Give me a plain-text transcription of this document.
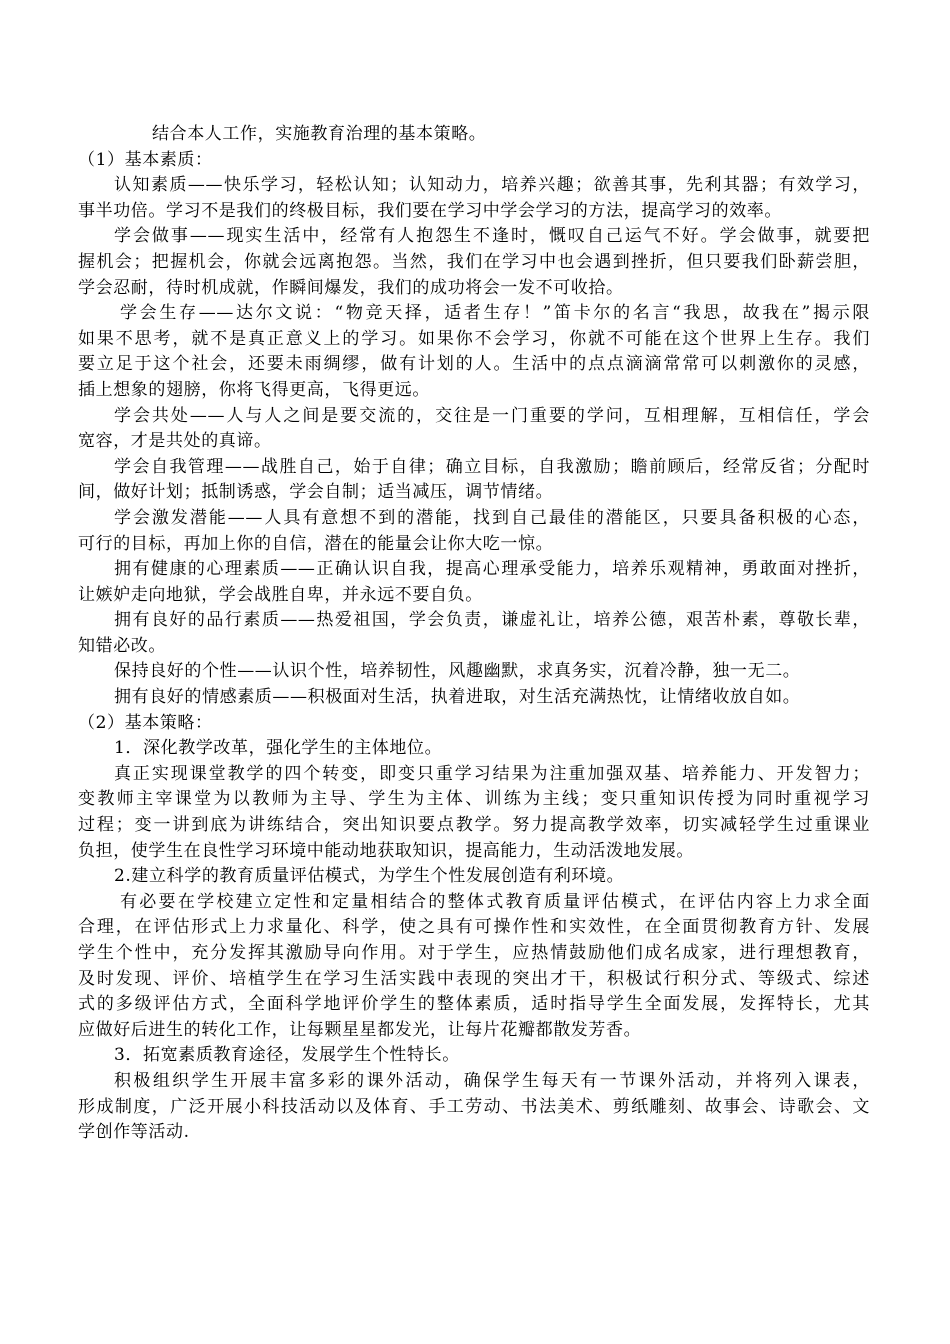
结合本人工作，实施教育治理的基本策略。
（1）基本素质：
认知素质——快乐学习，轻松认知；认知动力，培养兴趣；欲善其事，先利其器；有效学习，
事半功倍。学习不是我们的终极目标，我们要在学习中学会学习的方法，提高学习的效率。
学会做事——现实生活中，经常有人抱怨生不逢时，慨叹自己运气不好。学会做事，就要把
握机会；把握机会，你就会远离抱怨。当然，我们在学习中也会遇到挫折，但只要我们卧薪尝胆，
学会忍耐，待时机成就，作瞬间爆发，我们的成功将会一发不可收拾。
学会生存——达尔文说：“物竞天择，适者生存！”笛卡尔的名言“我思，故我在”揭示限
如果不思考，就不是真正意义上的学习。如果你不会学习，你就不可能在这个世界上生存。我们
要立足于这个社会，还要未雨绸缪，做有计划的人。生活中的点点滴滴常常可以刺激你的灵感，
插上想象的翅膀，你将飞得更高，飞得更远。
学会共处——人与人之间是要交流的，交往是一门重要的学问，互相理解，互相信任，学会
宽容，才是共处的真谛。
学会自我管理——战胜自己，始于自律；确立目标，自我激励；瞻前顾后，经常反省；分配时
间，做好计划；抵制诱惑，学会自制；适当减压，调节情绪。
学会激发潜能——人具有意想不到的潜能，找到自己最佳的潜能区，只要具备积极的心态，
可行的目标，再加上你的自信，潜在的能量会让你大吃一惊。
拥有健康的心理素质——正确认识自我，提高心理承受能力，培养乐观精神，勇敢面对挫折，
让嫉妒走向地狱，学会战胜自卑，并永远不要自负。
拥有良好的品行素质——热爱祖国，学会负责，谦虚礼让，培养公德，艰苦朴素，尊敬长辈，
知错必改。
保持良好的个性——认识个性，培养韧性，风趣幽默，求真务实，沉着冷静，独一无二。
拥有良好的情感素质——积极面对生活，执着进取，对生活充满热忱，让情绪收放自如。
（2）基本策略：
1．深化教学改革，强化学生的主体地位。
真正实现课堂教学的四个转变，即变只重学习结果为注重加强双基、培养能力、开发智力；
变教师主宰课堂为以教师为主导、学生为主体、训练为主线；变只重知识传授为同时重视学习
过程；变一讲到底为讲练结合，突出知识要点教学。努力提高教学效率，切实减轻学生过重课业
负担，使学生在良性学习环境中能动地获取知识，提高能力，生动活泼地发展。
2.建立科学的教育质量评估模式，为学生个性发展创造有利环境。
有必要在学校建立定性和定量相结合的整体式教育质量评估模式，在评估内容上力求全面
合理，在评估形式上力求量化、科学，使之具有可操作性和实效性，在全面贯彻教育方针、发展
学生个性中，充分发挥其激励导向作用。对于学生，应热情鼓励他们成名成家，进行理想教育，
及时发现、评价、培植学生在学习生活实践中表现的突出才干，积极试行积分式、等级式、综述
式的多级评估方式，全面科学地评价学生的整体素质，适时指导学生全面发展，发挥特长，尤其
应做好后进生的转化工作，让每颗星星都发光，让每片花瓣都散发芳香。
3．拓宽素质教育途径，发展学生个性特长。
积极组织学生开展丰富多彩的课外活动，确保学生每天有一节课外活动，并将列入课表，
形成制度，广泛开展小科技活动以及体育、手工劳动、书法美术、剪纸雕刻、故事会、诗歌会、文
学创作等活动.
